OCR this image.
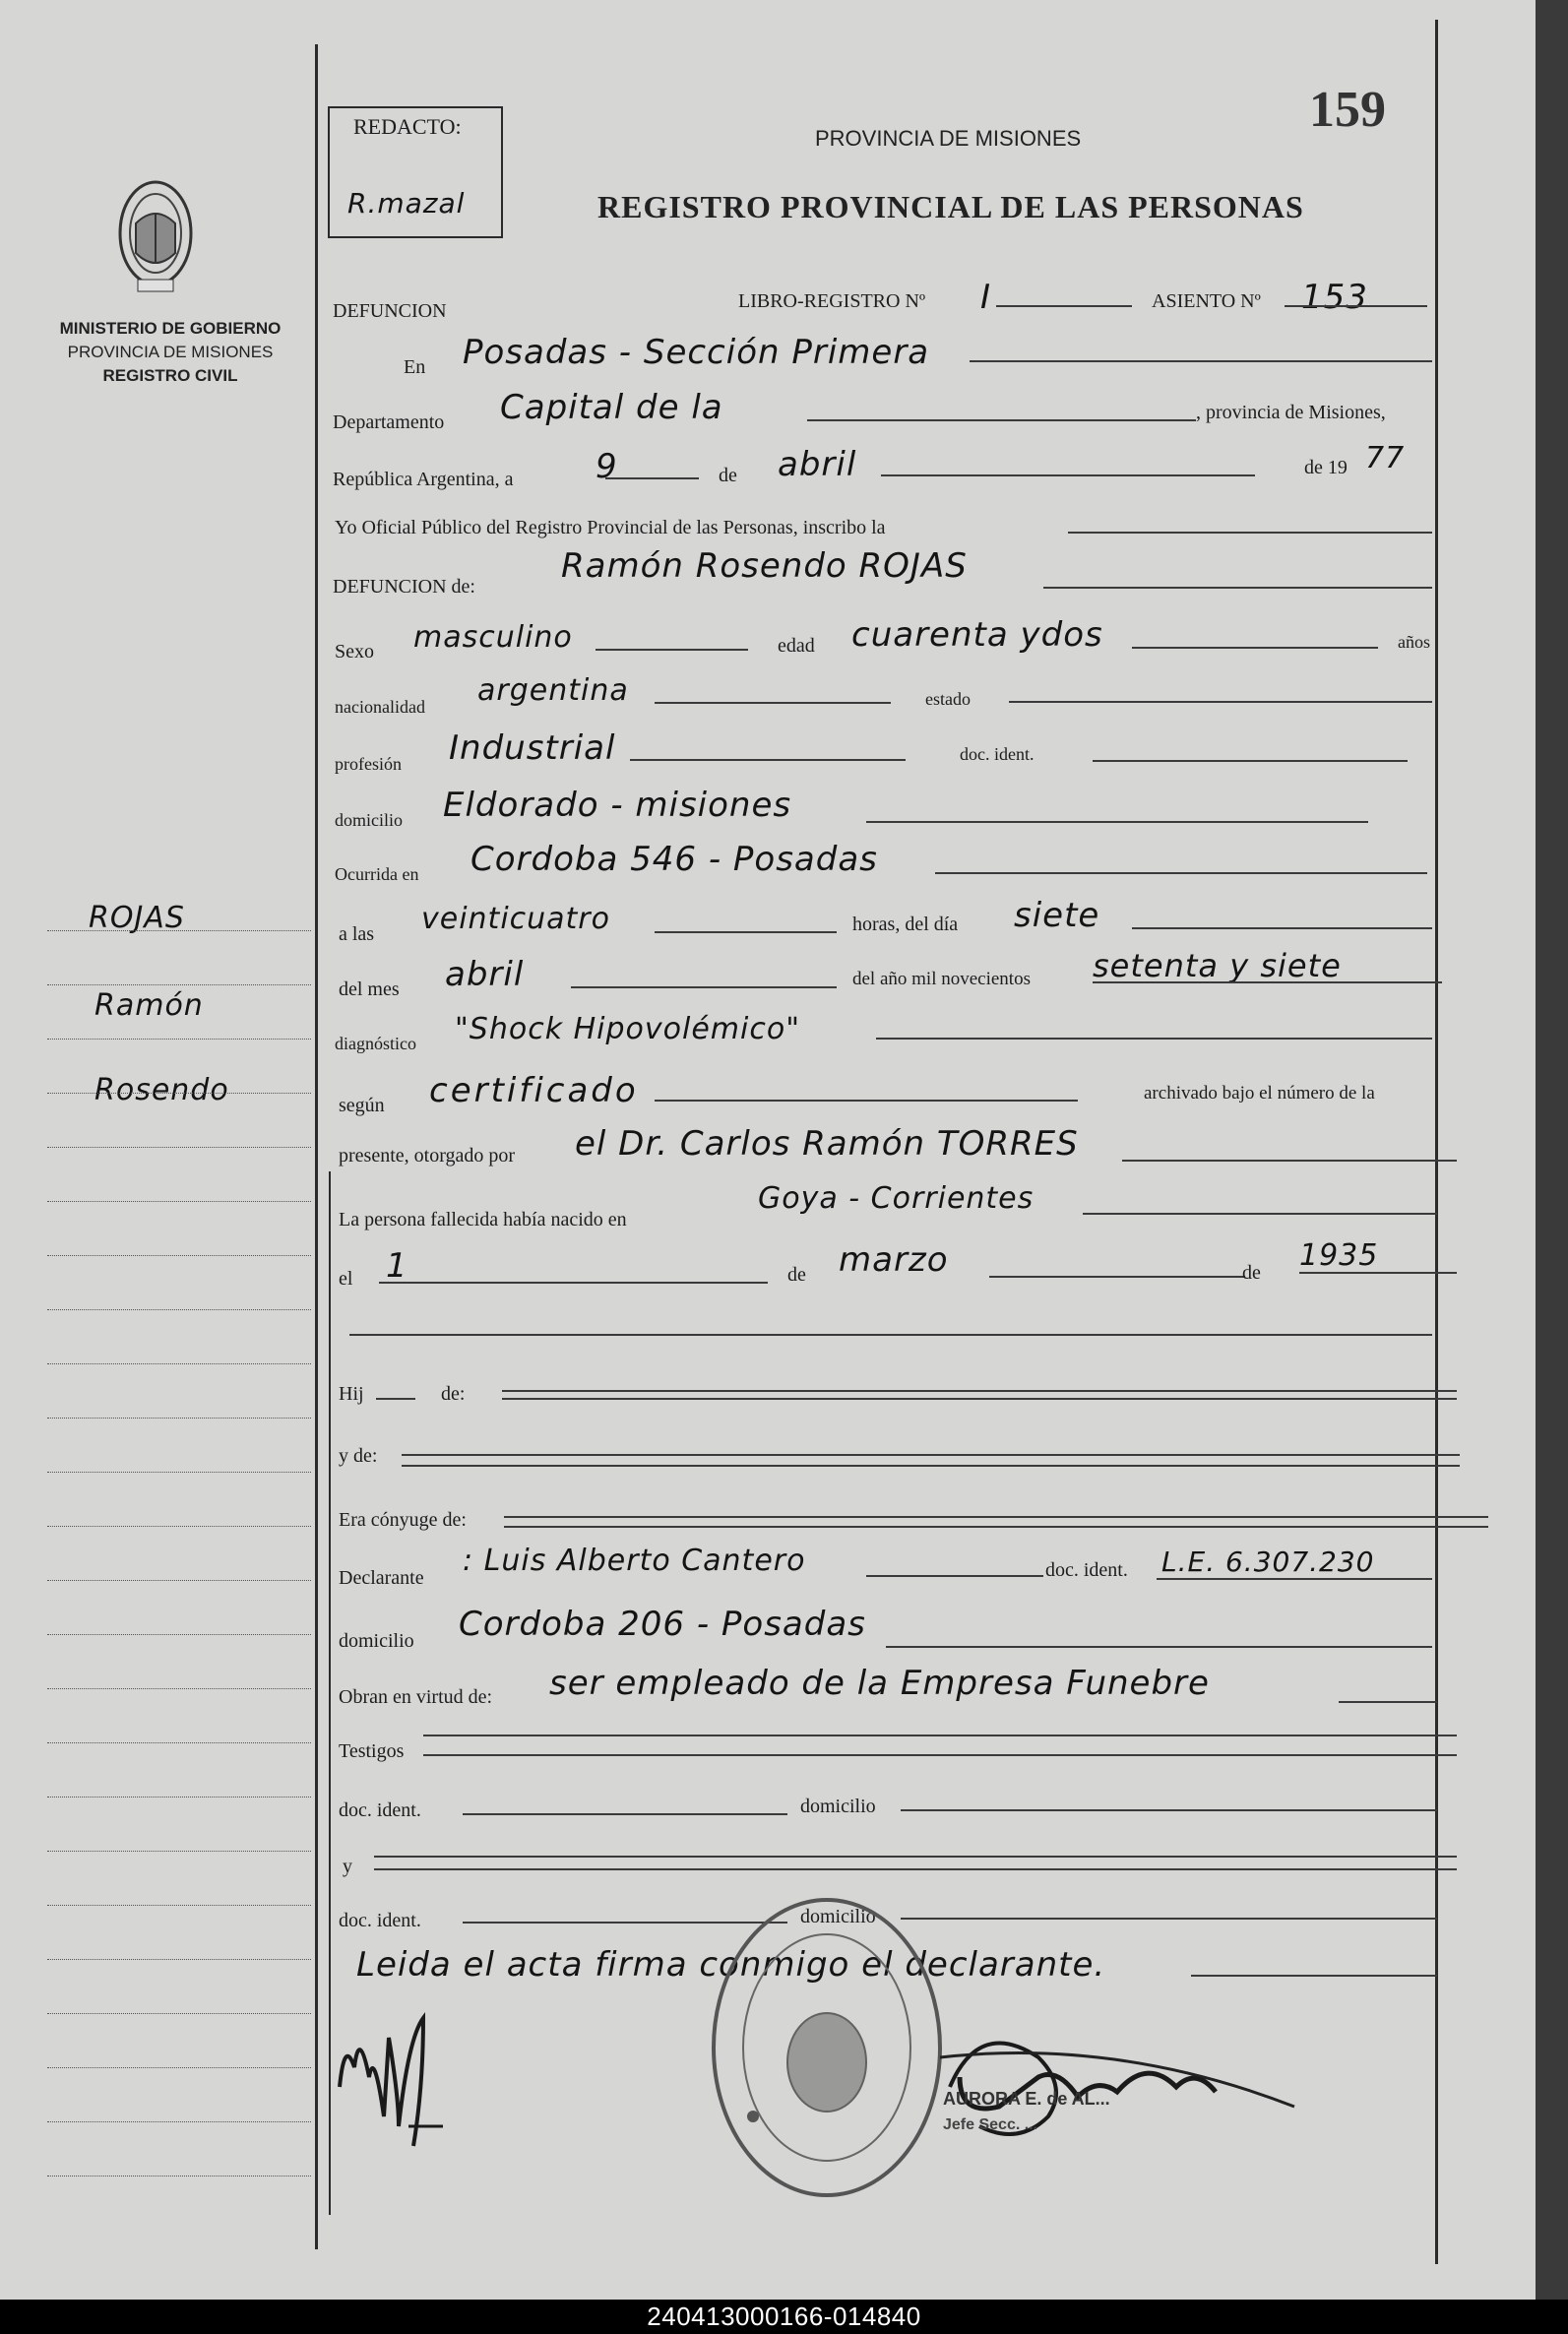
MINISTERIO DE GOBIERNO
PROVINCIA DE MISIONES
REGISTRO CIVIL
REDACTO:
R.mazal
159
PROVINCIA DE MISIONES
REGISTRO PROVINCIAL DE LAS PERSONAS
DEFUNCION	LIBRO-REGISTRO Nº I	ASIENTO Nº 153
En Posadas - Sección Primera
Departamento Capital de la	, provincia de Misiones,
República Argentina, a 9	de abril	de 19 77
Yo Oficial Público del Registro Provincial de las Personas, inscribo la
DEFUNCION de:
Ramón Rosendo ROJAS
Sexo masculino	edad cuarenta ydos	años
nacionalidad argentina	estado
profesión Industrial	doc. ident.
domicilio Eldorado - misiones
Ocurrida en Cordoba 546 - Posadas
a las veinticuatro	horas, del día siete
del mes abril	del año mil novecientos setenta y siete
diagnóstico "Shock Hipovolémico"
según certificado	archivado bajo el número de la
presente, otorgado por el Dr. Carlos Ramón TORRES
La persona fallecida había nacido en
Goya - Corrientes
el 1	de marzo	de 1935
Hij	de:
y de:
Era cónyuge de:
Declarante : Luis Alberto Cantero	doc. ident. L.E. 6.307.230
domicilio Cordoba 206 - Posadas
Obran en virtud de: ser empleado de la Empresa Funebre
Testigos
doc. ident.	domicilio
y
doc. ident.	domicilio
Leida el acta firma conmigo el declarante.
AURORA E. de AL...
Jefe Secc. ...
ROJAS
Ramón
Rosendo
240413000166-014840
